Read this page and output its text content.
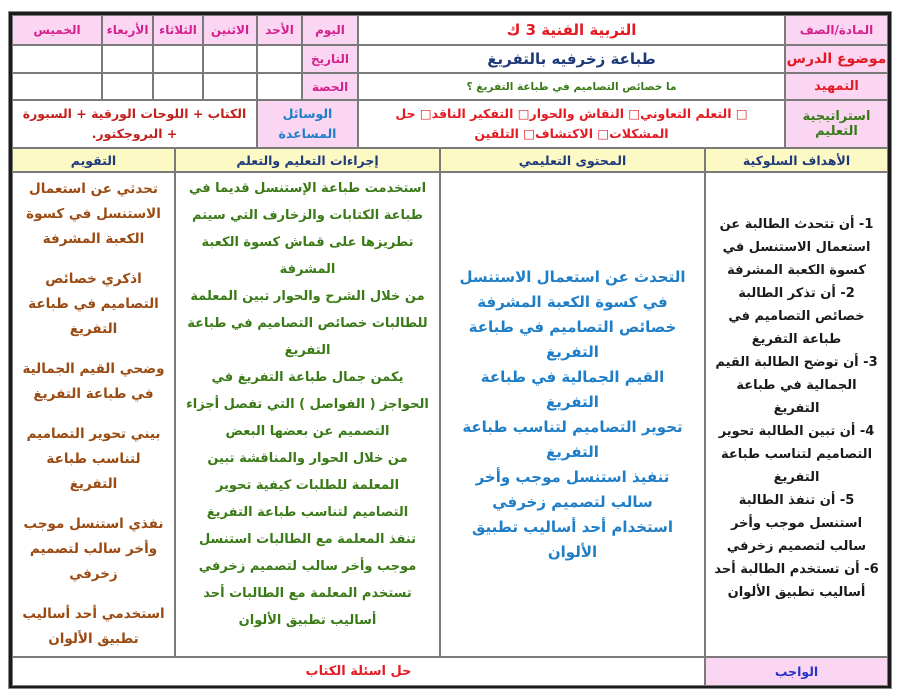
المادة/الصف
موضوع الدرس
التمهيد
استراتيجية التعليم
التربية الفنية 3 ك
طباعة زخرفيه بالتفريغ
ما خصائص التصاميم في طباعة التفريغ ؟
□ التعلم التعاوني□ النقاش والحوار□ التفكير الناقد□ حل المشكلات□ الاكتشاف□ التلقين
اليوم
التاريخ
الحصة
الأحد
الاثنين
الثلاثاء
الأربعاء
الخميس
الوسائل المساعدة
الكتاب + اللوحات الورقية + السبورة + البروجكتور.
الأهداف السلوكية
المحتوى التعليمي
إجراءات التعليم والتعلم
التقويم

1- أن تتحدث الطالبة عن استعمال الاستنسل في كسوة الكعبة المشرفة

2- أن تذكر الطالبة خصائص التصاميم في طباعة التفريغ

3- أن توضح الطالبة القيم الجمالية في طباعة التفريغ

4- أن تبين الطالبة تحوير التصاميم لتناسب طباعة التفريغ

5- أن تنفذ الطالبة استنسل موجب وأخر سالب لتصميم زخرفي

6- أن تستخدم الطالبة أحد أساليب تطبيق الألوان

التحدث عن استعمال الاستنسل في كسوة الكعبة المشرفة

خصائص التصاميم في طباعة التفريغ

القيم الجمالية في طباعة التفريغ

تحوير التصاميم لتناسب طباعة التفريغ

تنفيذ استنسل موجب وأخر سالب لتصميم زخرفي

استخدام أحد أساليب تطبيق الألوان

استخدمت طباعة الإستنسل قديما في طباعة الكتابات والزخارف التي سيتم تطريزها على قماش كسوة الكعبة المشرفة

من خلال الشرح والحوار تبين المعلمة للطالبات خصائص التصاميم في طباعة التفريغ

يكمن جمال طباعة التفريغ في الحواجز ( الفواصل ) التي تفصل أجزاء التصميم عن بعضها البعض

من خلال الحوار والمناقشة تبين المعلمة للطلبات كيفية تحوير التصاميم لتناسب طباعة التفريغ

تنفذ المعلمة مع الطالبات استنسل موجب وأخر سالب لتصميم زخرفي

تستخدم المعلمة مع الطالبات أحد أساليب تطبيق الألوان

تحدثي عن استعمال الاستنسل في كسوة الكعبة المشرفة

اذكري خصائص التصاميم في طباعة التفريغ

وضحي القيم الجمالية في طباعة التفريغ

بيني تحوير التصاميم لتناسب طباعة التفريغ

نفذي استنسل موجب وأخر سالب لتصميم زخرفي

استخدمي أحد أساليب تطبيق الألوان

الواجب
حل اسئلة الكتاب
